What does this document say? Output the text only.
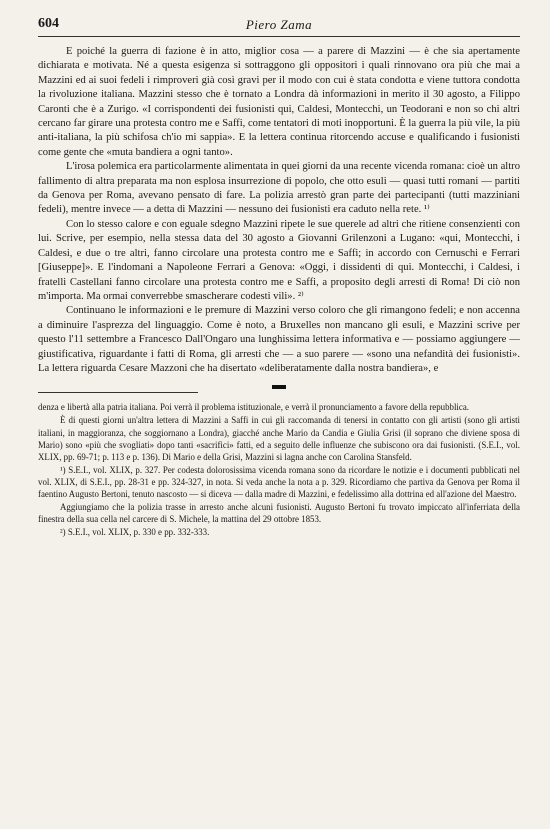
604	Piero Zama

E poiché la guerra di fazione è in atto, miglior cosa — a parere di Mazzini — è che sia apertamente dichiarata e motivata. Né a questa esigenza si sottraggono gli oppositori i quali rinnovano ora più che mai a Mazzini ed ai suoi fedeli i rimproveri già così gravi per il modo con cui è stata condotta e viene tuttora condotta la rivoluzione italiana. Mazzini stesso che è tornato a Londra dà informazioni in merito il 30 agosto, a Filippo Caronti che è a Zurigo. «I corrispondenti dei fusionisti qui, Caldesi, Montecchi, un Teodorani e non so chi altri cercano far girare una protesta contro me e Saffi, come tentatori di moti inopportuni. È la guerra la più vile, la più anti-italiana, la più schifosa ch'io mi sappia». E la lettera continua ritorcendo accuse e qualificando i fusionisti come gente che «muta bandiera a ogni tanto».

L'irosa polemica era particolarmente alimentata in quei giorni da una recente vicenda romana: cioè un altro fallimento di altra preparata ma non esplosa insurrezione di popolo, che otto esuli — quasi tutti romani — partiti da Genova per Roma, avevano pensato di fare. La polizia arrestò gran parte dei partecipanti (tutti mazziniani fedeli), mentre invece — a detta di Mazzini — nessuno dei fusionisti era caduto nella rete. ¹⁾

Con lo stesso calore e con eguale sdegno Mazzini ripete le sue querele ad altri che ritiene consenzienti con lui. Scrive, per esempio, nella stessa data del 30 agosto a Giovanni Grilenzoni a Lugano: «qui, Montecchi, i Caldesi, e due o tre altri, fanno circolare una protesta contro me e Saffi; in accordo con Cernuschi e Ferrari [Giuseppe]». E l'indomani a Napoleone Ferrari a Genova: «Oggi, i dissidenti di qui. Montecchi, i Caldesi, i fratelli Castellani fanno circolare una protesta contro me e Saffi, a proposito degli arresti di Roma! Di ciò non m'importa. Ma ormai converrebbe smascherare codesti vili». ²⁾

Continuano le informazioni e le premure di Mazzini verso coloro che gli rimangono fedeli; e non accenna a diminuire l'asprezza del linguaggio. Come è noto, a Bruxelles non mancano gli esuli, e Mazzini scrive per questo l'11 settembre a Francesco Dall'Ongaro una lunghissima lettera informativa e — possiamo aggiungere — giustificativa, riguardante i fatti di Roma, gli arresti che — a suo parere — «sono una nefandità dei fusionisti». La lettera riguarda Cesare Mazzoni che ha disertato «deliberatamente dalla nostra bandiera», e

denza e libertà alla patria italiana. Poi verrà il problema istituzionale, e verrà il pronunciamento a favore della repubblica.

È di questi giorni un'altra lettera di Mazzini a Saffi in cui gli raccomanda di tenersi in contatto con gli artisti (sono gli artisti italiani, in maggioranza, che soggiornano a Londra), giacché anche Mario da Candia e Giulia Grisi (il soprano che diviene sposa di Mario) sono «più che svogliati» dopo tanti «sacrifici» fatti, ed a seguito delle influenze che subiscono ora dai fusionisti. (S.E.I., vol. XLIX, pp. 69-71; p. 113 e p. 136). Di Mario e della Grisi, Mazzini si lagna anche con Carolina Stansfeld.

¹) S.E.I., vol. XLIX, p. 327. Per codesta dolorosissima vicenda romana sono da ricordare le notizie e i documenti pubblicati nel vol. XLIX, di S.E.I., pp. 28-31 e pp. 324-327, in nota. Si veda anche la nota a p. 329. Ricordiamo che partiva da Genova per Roma il faentino Augusto Bertoni, tenuto nascosto — si diceva — dalla madre di Mazzini, e fedelissimo alla dottrina ed all'azione del Maestro.

Aggiungiamo che la polizia trasse in arresto anche alcuni fusionisti. Augusto Bertoni fu trovato impiccato all'inferriata della finestra della sua cella nel carcere di S. Michele, la mattina del 29 ottobre 1853.

²) S.E.I., vol. XLIX, p. 330 e pp. 332-333.
